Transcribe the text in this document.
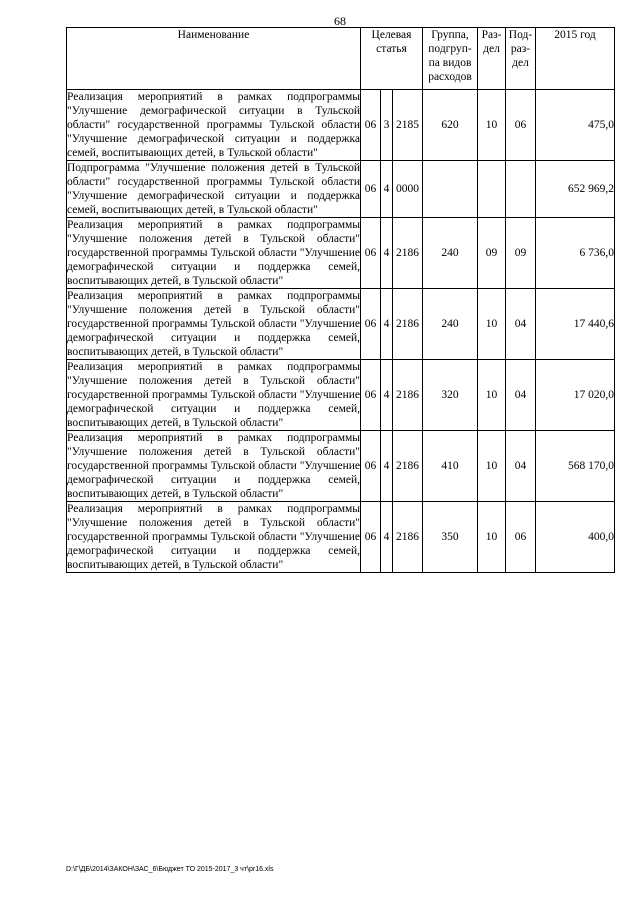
68
Наименование	Целевая статья			Группа, подгруп-па видов расходов	Раз-дел	Под-раз-дел	2015 год
Реализация мероприятий в рамках подпрограммы "Улучшение демографической ситуации в Тульской области" государственной программы Тульской области "Улучшение демографической ситуации и поддержка семей, воспитывающих детей, в Тульской области"	06	3	2185	620	10	06	475,0
Подпрограмма "Улучшение положения детей в Тульской области" государственной программы Тульской области "Улучшение демографической ситуации и поддержка семей, воспитывающих детей, в Тульской области"	06	4	0000				652 969,2
Реализация мероприятий в рамках подпрограммы "Улучшение положения детей в Тульской области" государственной программы Тульской области "Улучшение демографической ситуации и поддержка семей, воспитывающих детей, в Тульской области"	06	4	2186	240	09	09	6 736,0
Реализация мероприятий в рамках подпрограммы "Улучшение положения детей в Тульской области" государственной программы Тульской области "Улучшение демографической ситуации и поддержка семей, воспитывающих детей, в Тульской области"	06	4	2186	240	10	04	17 440,6
Реализация мероприятий в рамках подпрограммы "Улучшение положения детей в Тульской области" государственной программы Тульской области "Улучшение демографической ситуации и поддержка семей, воспитывающих детей, в Тульской области"	06	4	2186	320	10	04	17 020,0
Реализация мероприятий в рамках подпрограммы "Улучшение положения детей в Тульской области" государственной программы Тульской области "Улучшение демографической ситуации и поддержка семей, воспитывающих детей, в Тульской области"	06	4	2186	410	10	04	568 170,0
Реализация мероприятий в рамках подпрограммы "Улучшение положения детей в Тульской области" государственной программы Тульской области "Улучшение демографической ситуации и поддержка семей, воспитывающих детей, в Тульской области"	06	4	2186	350	10	06	400,0
D:\Г\ДБ\2014\ЗАКОН\ЗАС_6\Бюджет ТО 2015-2017_3 чт\pr16.xls
